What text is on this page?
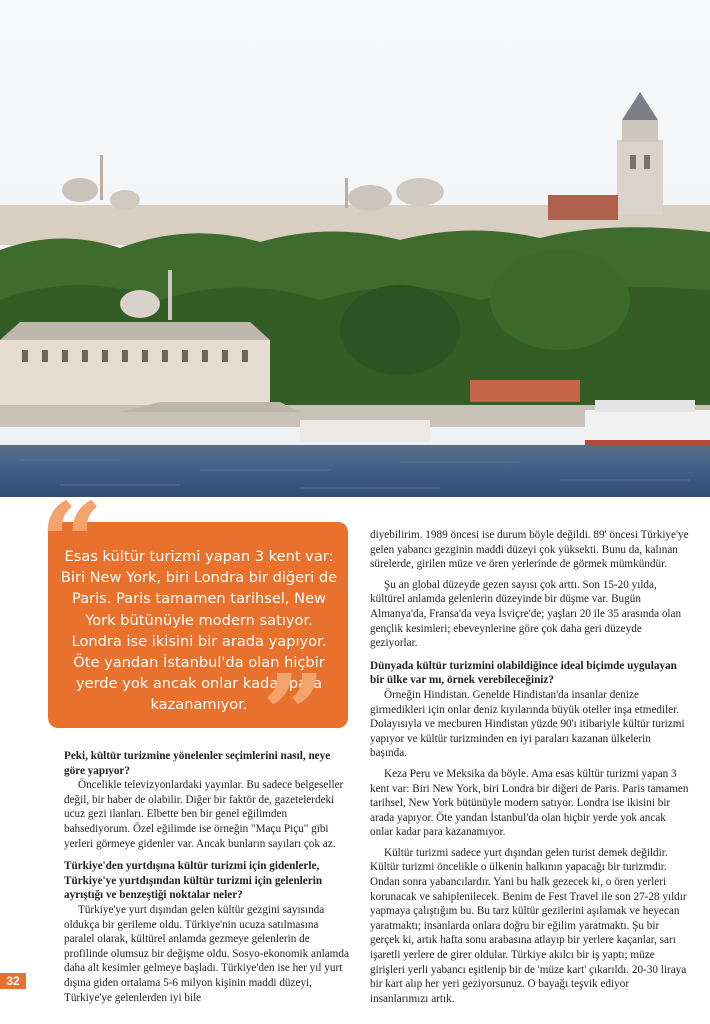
“
Esas kültür turizmi yapan 3 kent var: Biri New York, biri Londra bir diğeri de Paris. Paris tamamen tarihsel, New York bütünüyle modern satıyor. Londra ise ikisini bir arada yapıyor. Öte yandan İstanbul'da olan hiçbir yerde yok ancak onlar kadar para kazanamıyor. ”

Peki, kültür turizmine yönelenler seçimlerini nasıl, neye göre yapıyor?

Öncelikle televizyonlardaki yayınlar. Bu sadece belgeseller değil, bir haber de olabilir. Diğer bir faktör de, gazetelerdeki ucuz gezi ilanları. Elbette ben bir genel eğilimden bahsediyorum. Özel eğilimde ise örneğin "Maçu Piçu" gibi yerleri görmeye gidenler var. Ancak bunların sayıları çok az.

Türkiye'den yurtdışına kültür turizmi için gidenlerle, Türkiye'ye yurtdışından kültür turizmi için gelenlerin ayrıştığı ve benzeştiği noktalar neler?

Türkiye'ye yurt dışından gelen kültür gezgini sayısında oldukça bir gerileme oldu. Türkiye'nin ucuza satılmasına paralel olarak, kültürel anlamda gezmeye gelenlerin de profilinde olumsuz bir değişme oldu. Sosyo-ekonomik anlamda daha alt kesimler gelmeye başladı. Türkiye'den ise her yıl yurt dışına giden ortalama 5-6 milyon kişinin maddi düzeyi, Türkiye'ye gelenlerden iyi bile

diyebilirim. 1989 öncesi ise durum böyle değildi. 89' öncesi Türkiye'ye gelen yabancı gezginin maddi düzeyi çok yüksekti. Bunu da, kalınan sürelerde, girilen müze ve ören yerlerinde de görmek mümkündür.

Şu an global düzeyde gezen sayısı çok arttı. Son 15-20 yılda, kültürel anlamda gelenlerin düzeyinde bir düşme var. Bugün Almanya'da, Fransa'da veya İsviçre'de; yaşları 20 ile 35 arasında olan gençlik kesimleri; ebeveynlerine göre çok daha geri düzeyde geziyorlar.

Dünyada kültür turizmini olabildiğince ideal biçimde uygulayan bir ülke var mı, örnek verebileceğiniz?

Örneğin Hindistan. Genelde Hindistan'da insanlar denize girmedikleri için onlar deniz kıyılarında büyük oteller inşa etmediler. Dolayısıyla ve mecburen Hindistan yüzde 90'ı itibariyle kültür turizmi yapıyor ve kültür turizminden en iyi paraları kazanan ülkelerin başında.

Keza Peru ve Meksika da böyle. Ama esas kültür turizmi yapan 3 kent var: Biri New York, biri Londra bir diğeri de Paris. Paris tamamen tarihsel, New York bütünüyle modern satıyor. Londra ise ikisini bir arada yapıyor. Öte yandan İstanbul'da olan hiçbir yerde yok ancak onlar kadar para kazanamıyor.

Kültür turizmi sadece yurt dışından gelen turist demek değildir. Kültür turizmi öncelikle o ülkenin halkının yapacağı bir turizmdir. Ondan sonra yabancılardır. Yani bu halk gezecek ki, o ören yerleri korunacak ve sahiplenilecek. Benim de Fest Travel ile son 27-28 yıldır yapmaya çalıştığım bu. Bu tarz kültür gezilerini aşılamak ve heyecan yaratmaktı; insanlarda onlara doğru bir eğilim yaratmaktı. Şu bir gerçek ki, artık hafta sonu arabasına atlayıp bir yerlere kaçanlar, sarı işaretli yerlere de girer oldular. Türkiye akılcı bir iş yaptı; müze girişleri yerli yabancı eşitlenip bir de 'müze kart' çıkarıldı. 20-30 liraya bir kart alıp her yeri geziyorsunuz. O bayağı teşvik ediyor insanlarımızı artık.

32
